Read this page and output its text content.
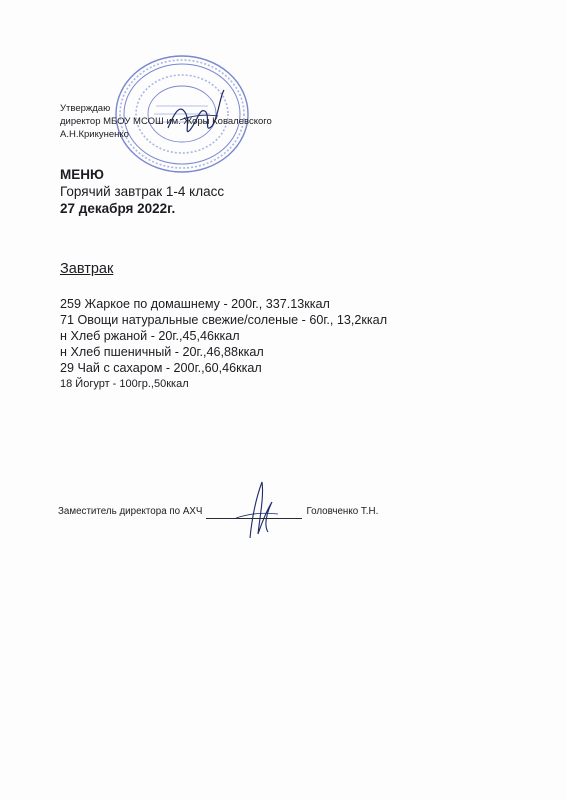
Утверждаю
директор МБОУ МСОШ им. Жоры Ковалевского
А.Н.Крикуненко
МЕНЮ
Горячий завтрак 1-4 класс
27 декабря 2022г.
Завтрак
259 Жаркое по домашнему - 200г., 337.13ккал
71 Овощи натуральные свежие/соленые - 60г., 13,2ккал
н Хлеб ржаной - 20г.,45,46ккал
н Хлеб пшеничный - 20г.,46,88ккал
29 Чай с сахаром - 200г.,60,46ккал
18 Йогурт - 100гр.,50ккал
Заместитель директора по АХЧ	Головченко Т.Н.
